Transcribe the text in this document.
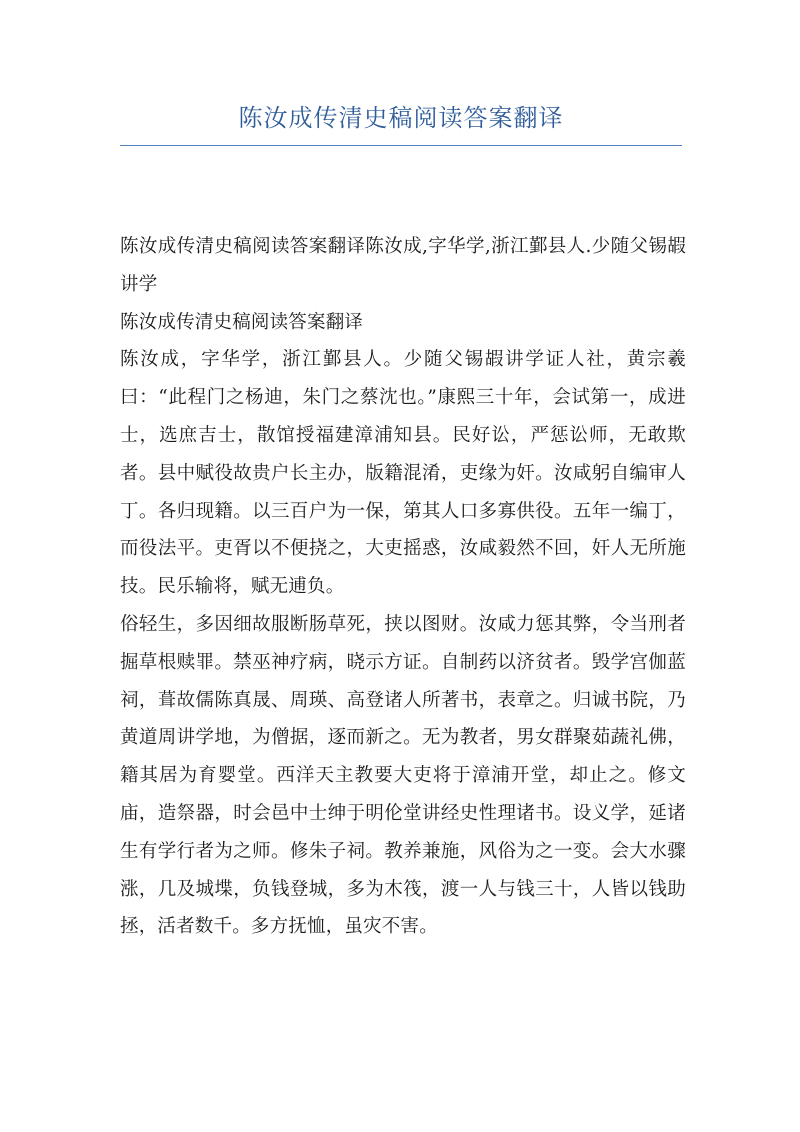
陈汝成传清史稿阅读答案翻译

陈汝成传清史稿阅读答案翻译陈汝成,字华学,浙江鄞县人.少随父锡嘏讲学

陈汝成传清史稿阅读答案翻译

陈汝成，字华学，浙江鄞县人。少随父锡嘏讲学证人社，黄宗羲曰：“此程门之杨迪，朱门之蔡沈也。”康熙三十年，会试第一，成进士，选庶吉士，散馆授福建漳浦知县。民好讼，严惩讼师，无敢欺者。县中赋役故贵户长主办，版籍混淆，吏缘为奸。汝咸躬自编审人丁。各归现籍。以三百户为一保，第其人口多寡供役。五年一编丁，而役法平。吏胥以不便挠之，大吏摇惑，汝咸毅然不回，奸人无所施技。民乐输将，赋无逋负。

俗轻生，多因细故服断肠草死，挟以图财。汝咸力惩其弊，令当刑者掘草根赎罪。禁巫神疗病，晓示方证。自制药以济贫者。毁学宫伽蓝祠，葺故儒陈真晟、周瑛、高登诸人所著书，表章之。归诚书院，乃黄道周讲学地，为僧据，逐而新之。无为教者，男女群聚茹蔬礼佛，籍其居为育婴堂。西洋天主教要大吏将于漳浦开堂，却止之。修文庙，造祭器，时会邑中士绅于明伦堂讲经史性理诸书。设义学，延诸生有学行者为之师。修朱子祠。教养兼施，风俗为之一变。会大水骤涨，几及城堞，负钱登城，多为木筏，渡一人与钱三十，人皆以钱助拯，活者数千。多方抚恤，虽灾不害。
